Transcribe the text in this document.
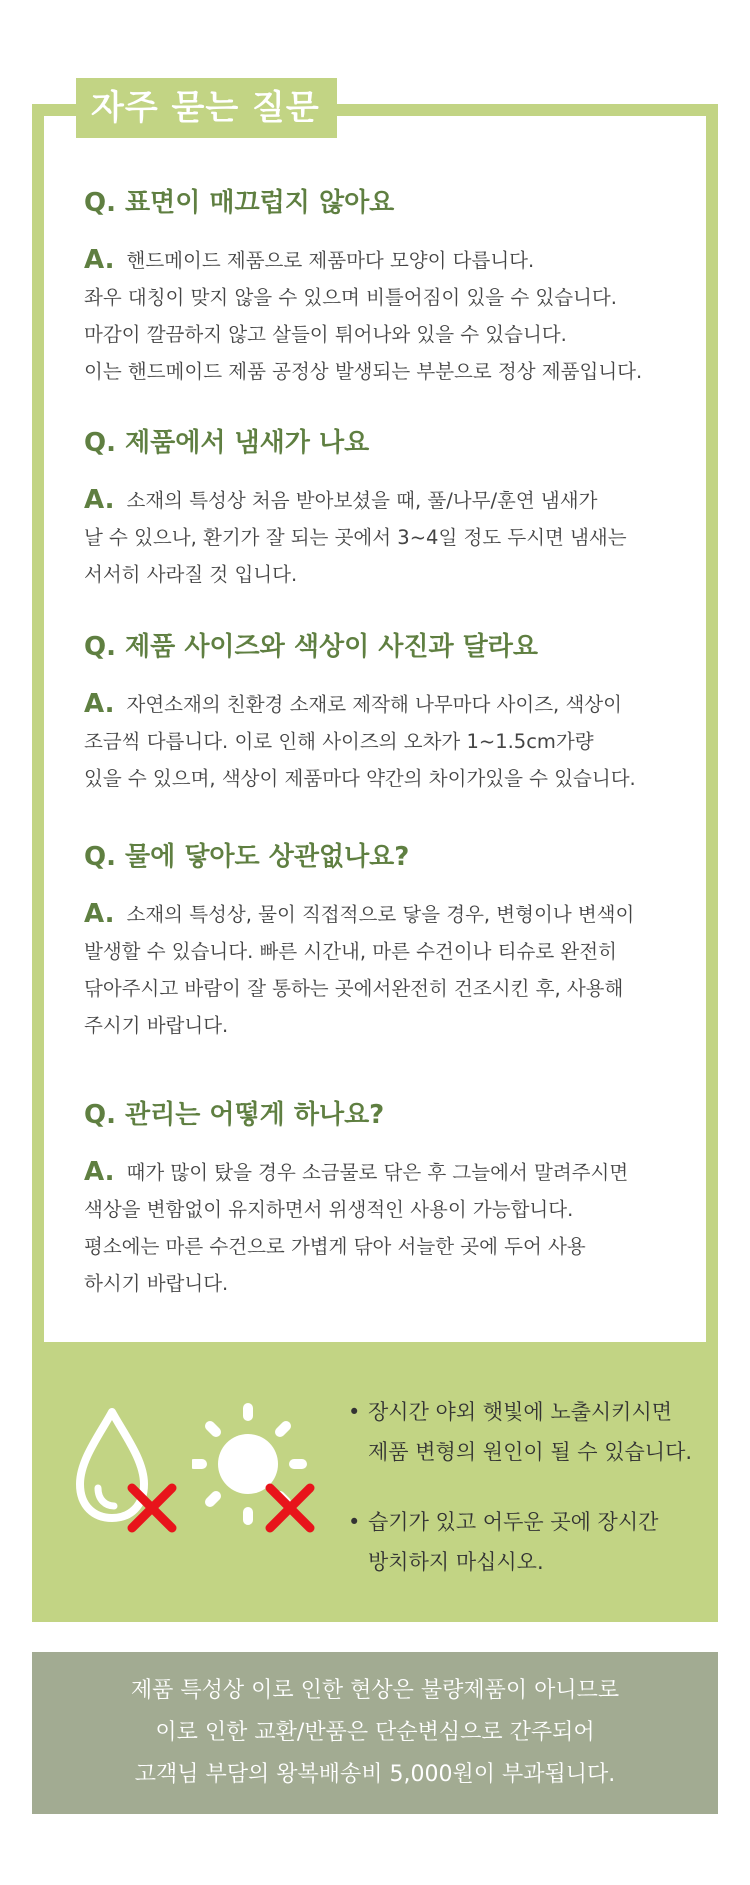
자주 묻는 질문
Q. 표면이 매끄럽지 않아요
A. 핸드메이드 제품으로 제품마다 모양이 다릅니다.
좌우 대칭이 맞지 않을 수 있으며 비틀어짐이 있을 수 있습니다.
마감이 깔끔하지 않고 살들이 튀어나와 있을 수 있습니다.
이는 핸드메이드 제품 공정상 발생되는 부분으로 정상 제품입니다.
Q. 제품에서 냄새가 나요
A. 소재의 특성상 처음 받아보셨을 때, 풀/나무/훈연 냄새가
날 수 있으나, 환기가 잘 되는 곳에서 3~4일 정도 두시면 냄새는
서서히 사라질 것 입니다.
Q. 제품 사이즈와 색상이 사진과 달라요
A. 자연소재의 친환경 소재로 제작해 나무마다 사이즈, 색상이
조금씩 다릅니다. 이로 인해 사이즈의 오차가 1~1.5cm가량
있을 수 있으며, 색상이 제품마다 약간의 차이가있을 수 있습니다.
Q. 물에 닿아도 상관없나요?
A. 소재의 특성상, 물이 직접적으로 닿을 경우, 변형이나 변색이
발생할 수 있습니다. 빠른 시간내, 마른 수건이나 티슈로 완전히
닦아주시고 바람이 잘 통하는 곳에서완전히 건조시킨 후, 사용해
주시기 바랍니다.
Q. 관리는 어떻게 하나요?
A. 때가 많이 탔을 경우 소금물로 닦은 후 그늘에서 말려주시면
색상을 변함없이 유지하면서 위생적인 사용이 가능합니다.
평소에는 마른 수건으로 가볍게 닦아 서늘한 곳에 두어 사용
하시기 바랍니다.
• 장시간 야외 햇빛에 노출시키시면
제품 변형의 원인이 될 수 있습니다.
• 습기가 있고 어두운 곳에 장시간
방치하지 마십시오.
제품 특성상 이로 인한 현상은 불량제품이 아니므로
이로 인한 교환/반품은 단순변심으로 간주되어
고객님 부담의 왕복배송비 5,000원이 부과됩니다.
